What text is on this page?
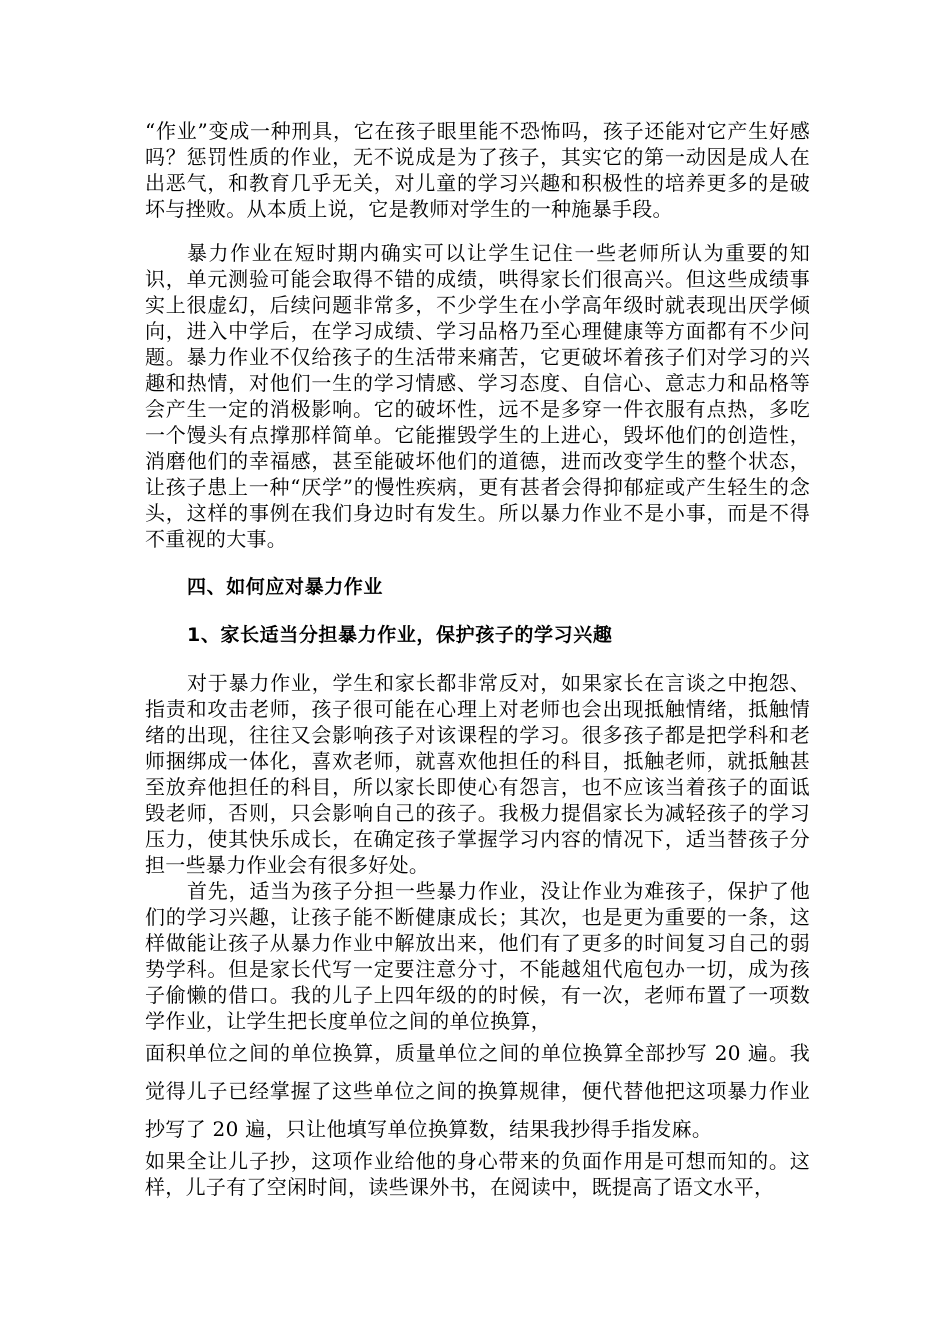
“作业”变成一种刑具，它在孩子眼里能不恐怖吗，孩子还能对它产生好感吗？惩罚性质的作业，无不说成是为了孩子，其实它的第一动因是成人在出恶气，和教育几乎无关，对儿童的学习兴趣和积极性的培养更多的是破坏与挫败。从本质上说，它是教师对学生的一种施暴手段。

暴力作业在短时期内确实可以让学生记住一些老师所认为重要的知识，单元测验可能会取得不错的成绩，哄得家长们很高兴。但这些成绩事实上很虚幻，后续问题非常多，不少学生在小学高年级时就表现出厌学倾向，进入中学后，在学习成绩、学习品格乃至心理健康等方面都有不少问题。暴力作业不仅给孩子的生活带来痛苦，它更破坏着孩子们对学习的兴趣和热情，对他们一生的学习情感、学习态度、自信心、意志力和品格等会产生一定的消极影响。它的破坏性，远不是多穿一件衣服有点热，多吃一个馒头有点撑那样简单。它能摧毁学生的上进心，毁坏他们的创造性，消磨他们的幸福感，甚至能破坏他们的道德，进而改变学生的整个状态，让孩子患上一种“厌学”的慢性疾病，更有甚者会得抑郁症或产生轻生的念头，这样的事例在我们身边时有发生。所以暴力作业不是小事，而是不得不重视的大事。

四、如何应对暴力作业

1、家长适当分担暴力作业，保护孩子的学习兴趣

对于暴力作业，学生和家长都非常反对，如果家长在言谈之中抱怨、指责和攻击老师，孩子很可能在心理上对老师也会出现抵触情绪，抵触情绪的出现，往往又会影响孩子对该课程的学习。很多孩子都是把学科和老师捆绑成一体化，喜欢老师，就喜欢他担任的科目，抵触老师，就抵触甚至放弃他担任的科目，所以家长即使心有怨言，也不应该当着孩子的面诋毁老师，否则，只会影响自己的孩子。我极力提倡家长为减轻孩子的学习压力，使其快乐成长，在确定孩子掌握学习内容的情况下，适当替孩子分担一些暴力作业会有很多好处。

首先，适当为孩子分担一些暴力作业，没让作业为难孩子，保护了他们的学习兴趣，让孩子能不断健康成长；其次，也是更为重要的一条，这样做能让孩子从暴力作业中解放出来，他们有了更多的时间复习自己的弱势学科。但是家长代写一定要注意分寸，不能越俎代庖包办一切，成为孩子偷懒的借口。我的儿子上四年级的的时候，有一次，老师布置了一项数学作业，让学生把长度单位之间的单位换算，

面积单位之间的单位换算，质量单位之间的单位换算全部抄写 20 遍。我觉得儿子已经掌握了这些单位之间的换算规律，便代替他把这项暴力作业抄写了 20 遍，只让他填写单位换算数，结果我抄得手指发麻。

如果全让儿子抄，这项作业给他的身心带来的负面作用是可想而知的。这样，儿子有了空闲时间，读些课外书，在阅读中，既提高了语文水平，
